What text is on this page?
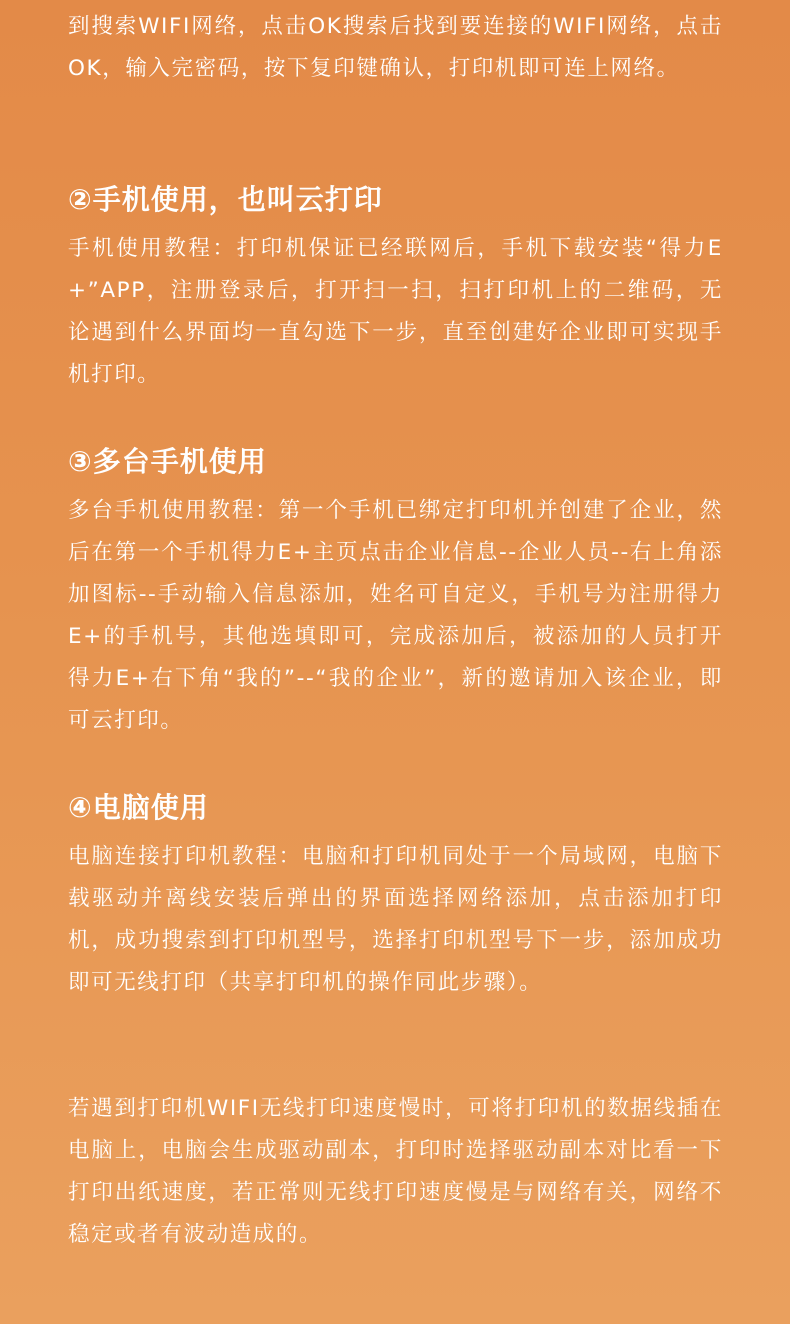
到搜索WIFI网络，点击OK搜索后找到要连接的WIFI网络，点击OK，输入完密码，按下复印键确认，打印机即可连上网络。

②手机使用，也叫云打印

手机使用教程：打印机保证已经联网后，手机下载安装“得力E+”APP，注册登录后，打开扫一扫，扫打印机上的二维码，无论遇到什么界面均一直勾选下一步，直至创建好企业即可实现手机打印。

③多台手机使用

多台手机使用教程：第一个手机已绑定打印机并创建了企业，然后在第一个手机得力E+主页点击企业信息--企业人员--右上角添加图标--手动输入信息添加，姓名可自定义，手机号为注册得力E+的手机号，其他选填即可，完成添加后，被添加的人员打开得力E+右下角“我的”--“我的企业”，新的邀请加入该企业，即可云打印。

④电脑使用

电脑连接打印机教程：电脑和打印机同处于一个局域网，电脑下载驱动并离线安装后弹出的界面选择网络添加，点击添加打印机，成功搜索到打印机型号，选择打印机型号下一步，添加成功即可无线打印（共享打印机的操作同此步骤）。

若遇到打印机WIFI无线打印速度慢时，可将打印机的数据线插在电脑上，电脑会生成驱动副本，打印时选择驱动副本对比看一下打印出纸速度，若正常则无线打印速度慢是与网络有关，网络不稳定或者有波动造成的。
